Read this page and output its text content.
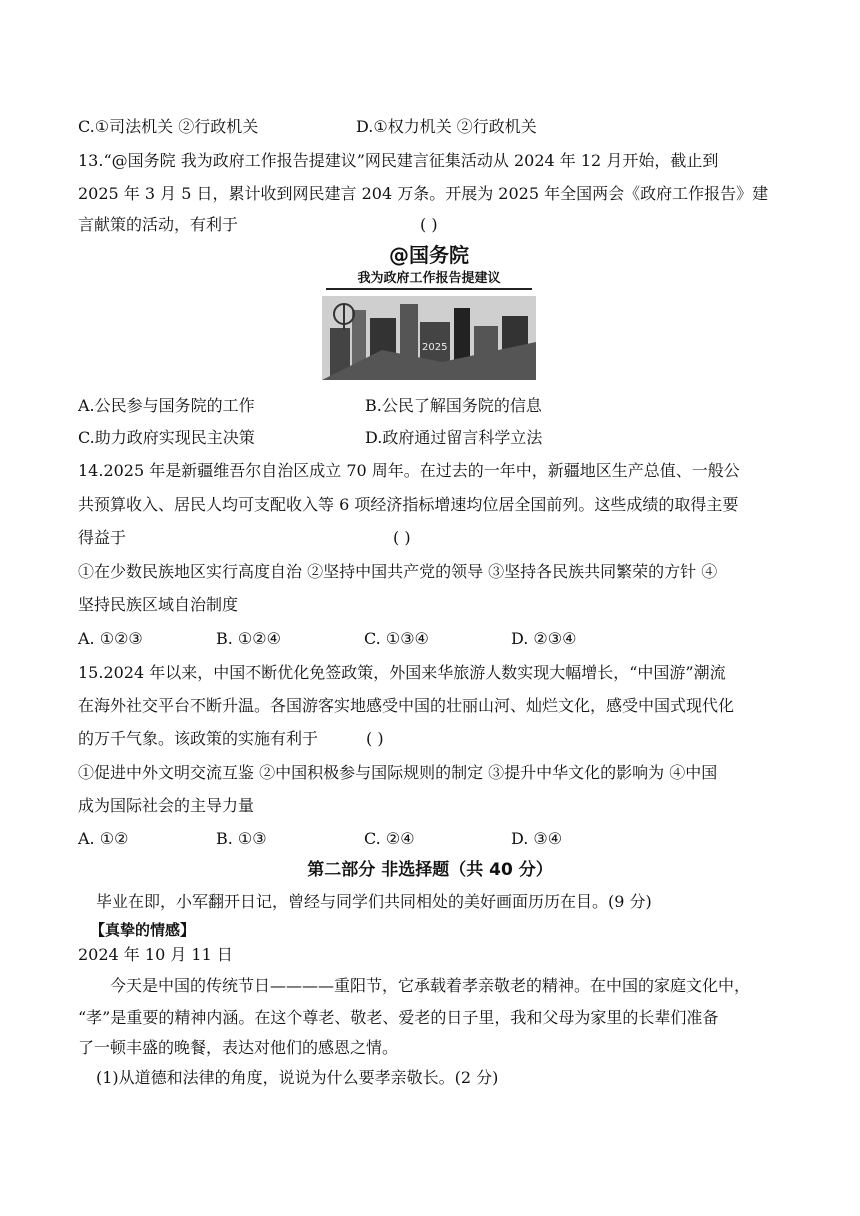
C.①司法机关 ②行政机关	D.①权力机关 ②行政机关
13.“@国务院 我为政府工作报告提建议”网民建言征集活动从 2024 年 12 月开始，截止到
2025 年 3 月 5 日，累计收到网民建言 204 万条。开展为 2025 年全国两会《政府工作报告》建
言献策的活动，有利于	( )
@国务院
我为政府工作报告提建议
2025
A.公民参与国务院的工作	B.公民了解国务院的信息
C.助力政府实现民主决策	D.政府通过留言科学立法
14.2025 年是新疆维吾尔自治区成立 70 周年。在过去的一年中，新疆地区生产总值、一般公
共预算收入、居民人均可支配收入等 6 项经济指标增速均位居全国前列。这些成绩的取得主要
得益于	( )
①在少数民族地区实行高度自治 ②坚持中国共产党的领导 ③坚持各民族共同繁荣的方针 ④
坚持民族区域自治制度
A. ①②③	B. ①②④	C. ①③④	D. ②③④
15.2024 年以来，中国不断优化免签政策，外国来华旅游人数实现大幅增长，“中国游”潮流
在海外社交平台不断升温。各国游客实地感受中国的壮丽山河、灿烂文化，感受中国式现代化
的万千气象。该政策的实施有利于	( )
①促进中外文明交流互鉴 ②中国积极参与国际规则的制定 ③提升中华文化的影响为 ④中国
成为国际社会的主导力量
A. ①②	B. ①③	C. ②④	D. ③④
第二部分 非选择题（共 40 分）
毕业在即，小军翻开日记，曾经与同学们共同相处的美好画面历历在目。(9 分)
【真挚的情感】
2024 年 10 月 11 日
今天是中国的传统节日————重阳节，它承载着孝亲敬老的精神。在中国的家庭文化中，
“孝”是重要的精神内涵。在这个尊老、敬老、爱老的日子里，我和父母为家里的长辈们准备
了一顿丰盛的晚餐，表达对他们的感恩之情。
(1)从道德和法律的角度，说说为什么要孝亲敬长。(2 分)
